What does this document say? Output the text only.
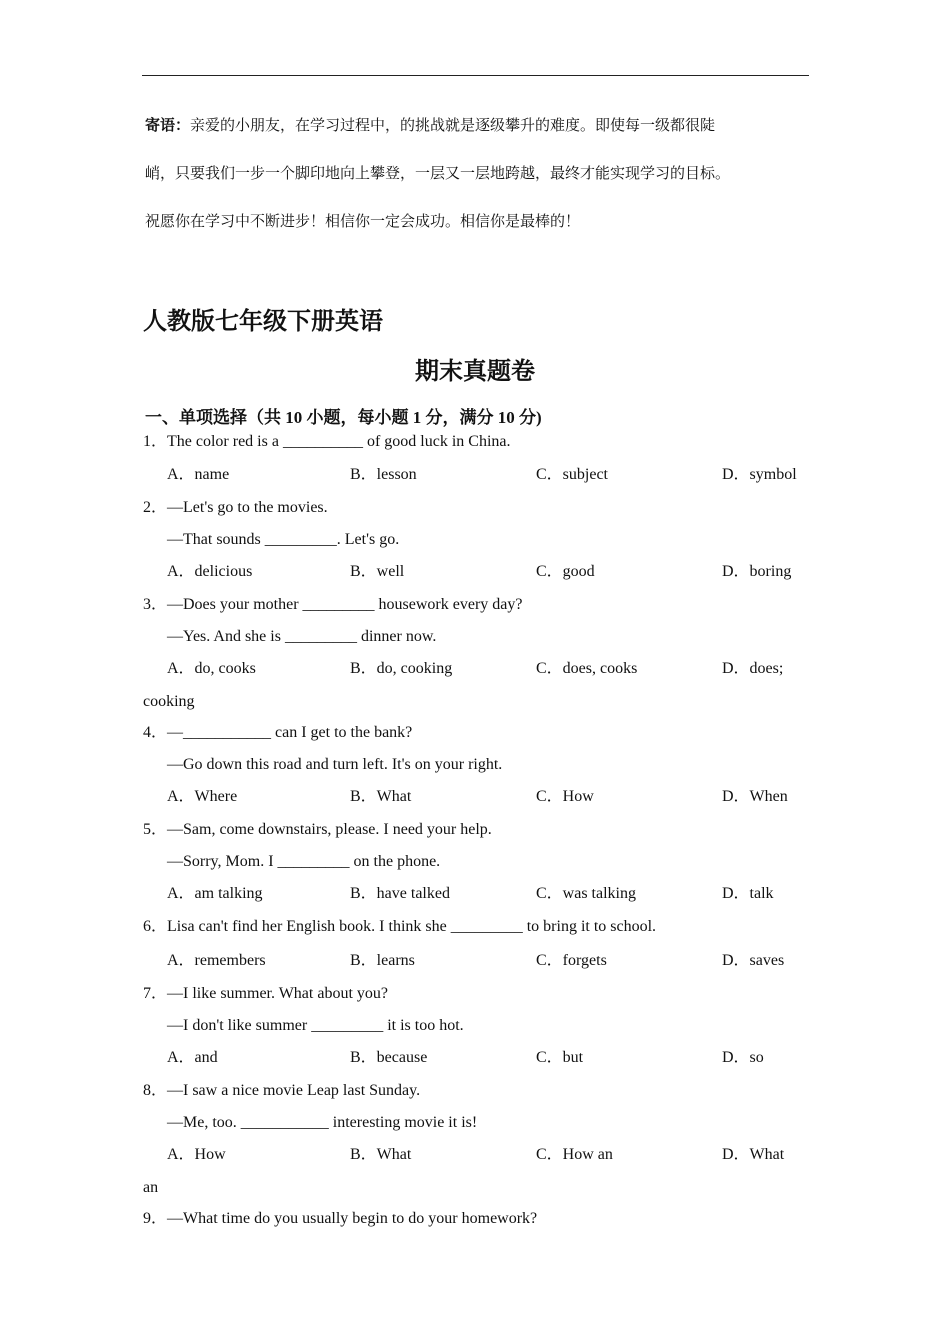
寄语：亲爱的小朋友，在学习过程中，的挑战就是逐级攀升的难度。即使每一级都很陡
峭，只要我们一步一个脚印地向上攀登，一层又一层地跨越，最终才能实现学习的目标。
祝愿你在学习中不断进步！相信你一定会成功。相信你是最棒的！
人教版七年级下册英语
期末真题卷
一、单项选择（共 10 小题，每小题 1 分，满分 10 分)
1．The color red is a __________ of good luck in China.
A．name	B．lesson	C．subject	D．symbol
2．—Let's go to the movies.
—That sounds _________. Let's go.
A．delicious	B．well	C．good	D．boring
3．—Does your mother _________ housework every day?
—Yes. And she is _________ dinner now.
A．do, cooks	B．do, cooking	C．does, cooks	D．does;
cooking
4．—___________ can I get to the bank?
—Go down this road and turn left. It's on your right.
A．Where	B．What	C．How	D．When
5．—Sam, come downstairs, please. I need your help.
—Sorry, Mom. I _________ on the phone.
A．am talking	B．have talked	C．was talking	D．talk
6．Lisa can't find her English book. I think she _________ to bring it to school.
A．remembers	B．learns	C．forgets	D．saves
7．—I like summer. What about you?
—I don't like summer _________ it is too hot.
A．and	B．because	C．but	D．so
8．—I saw a nice movie Leap last Sunday.
—Me, too. ___________ interesting movie it is!
A．How	B．What	C．How an	D．What
an
9．—What time do you usually begin to do your homework?
